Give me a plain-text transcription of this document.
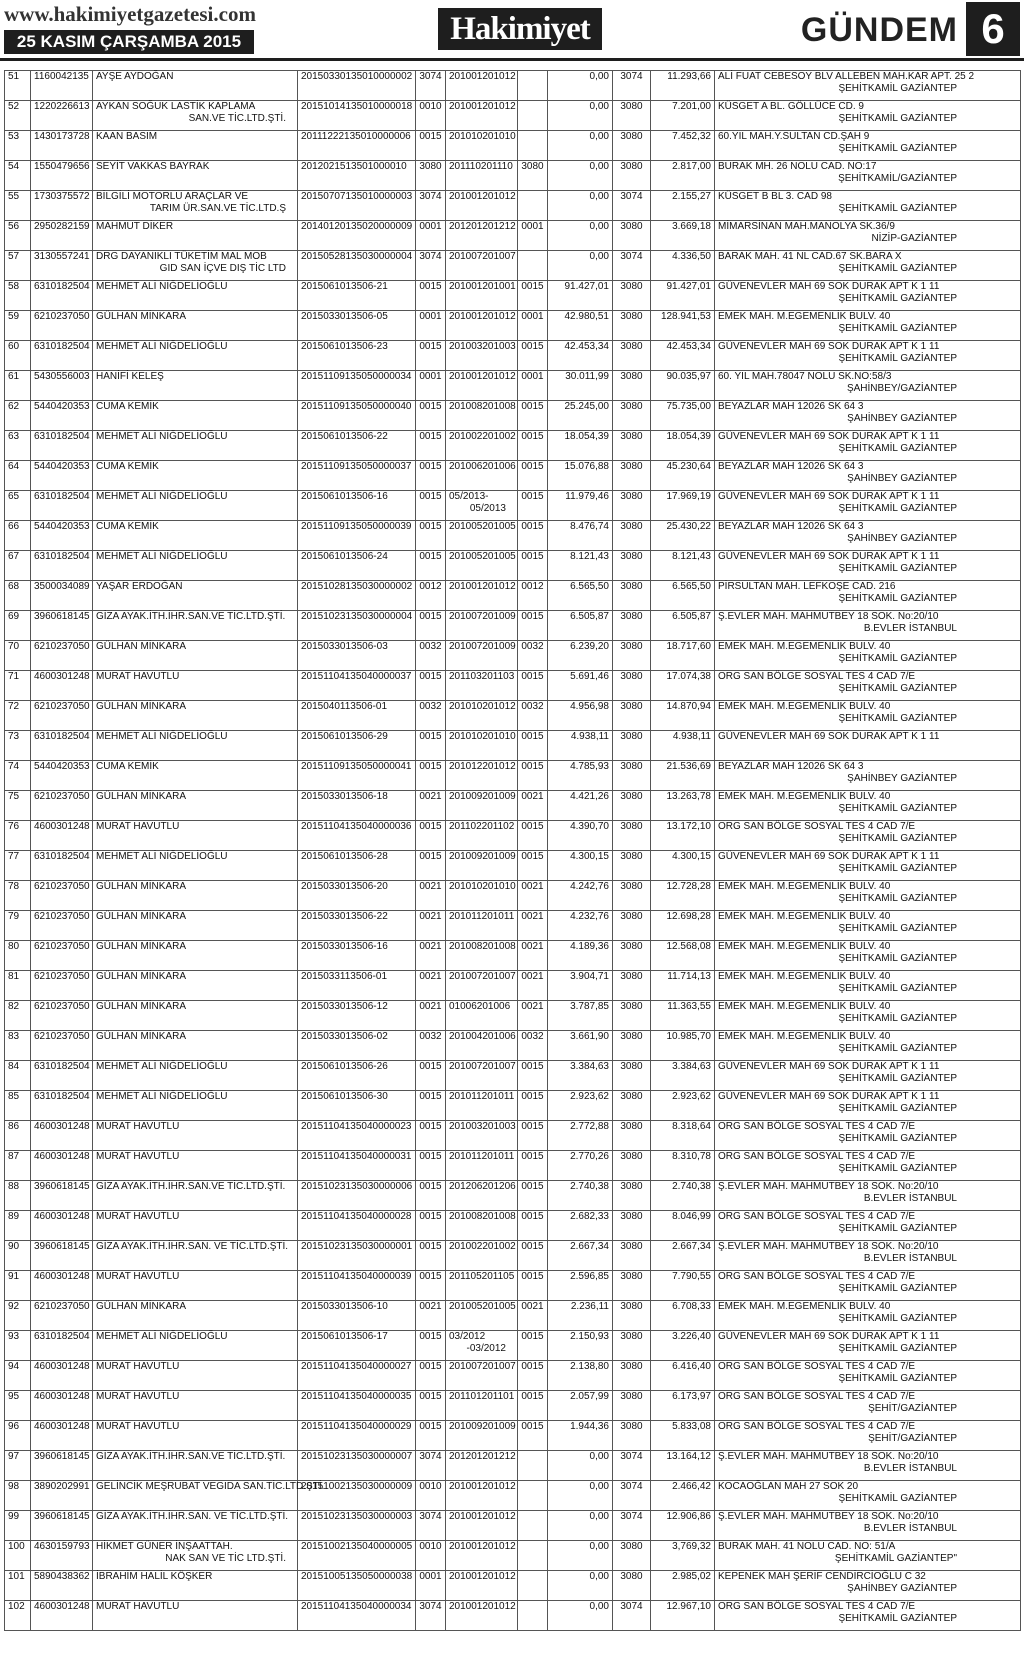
www.hakimiyetgazetesi.com
25 KASIM ÇARŞAMBA 2015	Hakimiyet	GÜNDEM 6
51	1160042135	AYŞE AYDOĞAN	20150330135010000002	3074	201001201012		0,00	3074	11.293,66	ALİ FUAT CEBESOY BLV ALLEBEN MAH.KAR APT. 25 2
ŞEHİTKAMİL GAZİANTEP

52	1220226613	AYKAN SOĞUK LASTİK KAPLAMA
SAN.VE TİC.LTD.ŞTİ.	20151014135010000018	0010	201001201012		0,00	3080	7.201,00	KÜSGET A BL. GÖLLÜCE CD. 9
ŞEHİTKAMİL GAZİANTEP

53	1430173728	KAAN BASIM	20111222135010000006	0015	201010201010		0,00	3080	7.452,32	60.YIL MAH.Y.SULTAN CD.ŞAH 9
ŞEHİTKAMİL GAZİANTEP

54	1550479656	SEYİT VAKKAS BAYRAK	2012021513501000010	3080	201110201110	3080	0,00	3080	2.817,00	BURAK MH. 26 NOLU CAD. NO:17
ŞEHİTKAMİL/GAZİANTEP

55	1730375572	BİLGİLİ MOTORLU ARAÇLAR VE
TARIM ÜR.SAN.VE TİC.LTD.Ş	20150707135010000003	3074	201001201012		0,00	3074	2.155,27	KÜSGET B BL 3. CAD 98
ŞEHİTKAMİL GAZİANTEP

56	2950282159	MAHMUT DİKER	20140120135020000009	0001	201201201212	0001	0,00	3080	3.669,18	MİMARSİNAN MAH.MANOLYA SK.36/9
NİZİP-GAZİANTEP

57	3130557241	DRG DAYANIKLI TÜKETİM MAL MOB
GID SAN İÇVE DIŞ TİC LTD	20150528135030000004	3074	201007201007		0,00	3074	4.336,50	BARAK MAH. 41 NL CAD.67 SK.BARA X
ŞEHİTKAMİL GAZİANTEP

58	6310182504	MEHMET ALİ NİĞDELİOĞLU	2015061013506-21	0015	201001201001	0015	91.427,01	3080	91.427,01	GÜVENEVLER MAH 69 SOK DURAK APT K 1 11
ŞEHİTKAMİL GAZİANTEP

59	6210237050	GÜLHAN MİNKARA	2015033013506-05	0001	201001201012	0001	42.980,51	3080	128.941,53	EMEK MAH. M.EGEMENLİK BULV. 40
ŞEHİTKAMİL GAZİANTEP

60	6310182504	MEHMET ALİ NİĞDELİOĞLU	2015061013506-23	0015	201003201003	0015	42.453,34	3080	42.453,34	GÜVENEVLER MAH 69 SOK DURAK APT K 1 11
ŞEHİTKAMİL GAZİANTEP

61	5430556003	HANİFİ KELEŞ	20151109135050000034	0001	201001201012	0001	30.011,99	3080	90.035,97	60. YIL MAH.78047 NOLU SK.NO:58/3
ŞAHİNBEY/GAZİANTEP

62	5440420353	CUMA KEMİK	20151109135050000040	0015	201008201008	0015	25.245,00	3080	75.735,00	BEYAZLAR MAH 12026 SK 64 3
ŞAHİNBEY GAZİANTEP

63	6310182504	MEHMET ALİ NİĞDELİOĞLU	2015061013506-22	0015	201002201002	0015	18.054,39	3080	18.054,39	GÜVENEVLER MAH 69 SOK DURAK APT K 1 11
ŞEHİTKAMİL GAZİANTEP

64	5440420353	CUMA KEMİK	20151109135050000037	0015	201006201006	0015	15.076,88	3080	45.230,64	BEYAZLAR MAH 12026 SK 64 3
ŞAHİNBEY GAZİANTEP

65	6310182504	MEHMET ALİ NİĞDELİOĞLU	2015061013506-16	0015	05/2013-
05/2013	0015	11.979,46	3080	17.969,19	GÜVENEVLER MAH 69 SOK DURAK APT K 1 11
ŞEHİTKAMİL GAZİANTEP

66	5440420353	CUMA KEMİK	20151109135050000039	0015	201005201005	0015	8.476,74	3080	25.430,22	BEYAZLAR MAH 12026 SK 64 3
ŞAHİNBEY GAZİANTEP

67	6310182504	MEHMET ALİ NİĞDELİOĞLU	2015061013506-24	0015	201005201005	0015	8.121,43	3080	8.121,43	GÜVENEVLER MAH 69 SOK DURAK APT K 1 11
ŞEHİTKAMİL GAZİANTEP

68	3500034089	YAŞAR ERDOĞAN	20151028135030000002	0012	201001201012	0012	6.565,50	3080	6.565,50	PİRSULTAN MAH. LEFKOŞE CAD. 216
ŞEHİTKAMİL GAZİANTEP

69	3960618145	GİZA AYAK.İTH.İHR.SAN.VE TİC.LTD.ŞTİ.	20151023135030000004	0015	201007201009	0015	6.505,87	3080	6.505,87	Ş.EVLER MAH. MAHMUTBEY 18 SOK. No:20/10
B.EVLER İSTANBUL

70	6210237050	GÜLHAN MİNKARA	2015033013506-03	0032	201007201009	0032	6.239,20	3080	18.717,60	EMEK MAH. M.EGEMENLİK BULV. 40
ŞEHİTKAMİL GAZİANTEP

71	4600301248	MURAT HAVUTLU	20151104135040000037	0015	201103201103	0015	5.691,46	3080	17.074,38	ORG SAN BÖLGE SOSYAL TES 4 CAD 7/E
ŞEHİTKAMİL GAZİANTEP

72	6210237050	GÜLHAN MİNKARA	2015040113506-01	0032	201010201012	0032	4.956,98	3080	14.870,94	EMEK MAH. M.EGEMENLİK BULV. 40
ŞEHİTKAMİL GAZİANTEP

73	6310182504	MEHMET ALİ NİĞDELİOĞLU	2015061013506-29	0015	201010201010	0015	4.938,11	3080	4.938,11	GÜVENEVLER MAH 69 SOK DURAK APT K 1 11
74	5440420353	CUMA KEMİK	20151109135050000041	0015	201012201012	0015	4.785,93	3080	21.536,69	BEYAZLAR MAH 12026 SK 64 3
ŞAHİNBEY GAZİANTEP

75	6210237050	GÜLHAN MİNKARA	2015033013506-18	0021	201009201009	0021	4.421,26	3080	13.263,78	EMEK MAH. M.EGEMENLİK BULV. 40
ŞEHİTKAMİL GAZİANTEP

76	4600301248	MURAT HAVUTLU	20151104135040000036	0015	201102201102	0015	4.390,70	3080	13.172,10	ORG SAN BÖLGE SOSYAL TES 4 CAD 7/E
ŞEHİTKAMİL GAZİANTEP

77	6310182504	MEHMET ALİ NİĞDELİOĞLU	2015061013506-28	0015	201009201009	0015	4.300,15	3080	4.300,15	GÜVENEVLER MAH 69 SOK DURAK APT K 1 11
ŞEHİTKAMİL GAZİANTEP

78	6210237050	GÜLHAN MİNKARA	2015033013506-20	0021	201010201010	0021	4.242,76	3080	12.728,28	EMEK MAH. M.EGEMENLİK BULV. 40
ŞEHİTKAMİL GAZİANTEP

79	6210237050	GÜLHAN MİNKARA	2015033013506-22	0021	201011201011	0021	4.232,76	3080	12.698,28	EMEK MAH. M.EGEMENLİK BULV. 40
ŞEHİTKAMİL GAZİANTEP

80	6210237050	GÜLHAN MİNKARA	2015033013506-16	0021	201008201008	0021	4.189,36	3080	12.568,08	EMEK MAH. M.EGEMENLİK BULV. 40
ŞEHİTKAMİL GAZİANTEP

81	6210237050	GÜLHAN MİNKARA	2015033113506-01	0021	201007201007	0021	3.904,71	3080	11.714,13	EMEK MAH. M.EGEMENLİK BULV. 40
ŞEHİTKAMİL GAZİANTEP

82	6210237050	GÜLHAN MİNKARA	2015033013506-12	0021	01006201006	0021	3.787,85	3080	11.363,55	EMEK MAH. M.EGEMENLİK BULV. 40
ŞEHİTKAMİL GAZİANTEP

83	6210237050	GÜLHAN MİNKARA	2015033013506-02	0032	201004201006	0032	3.661,90	3080	10.985,70	EMEK MAH. M.EGEMENLİK BULV. 40
ŞEHİTKAMİL GAZİANTEP

84	6310182504	MEHMET ALİ NİĞDELİOĞLU	2015061013506-26	0015	201007201007	0015	3.384,63	3080	3.384,63	GÜVENEVLER MAH 69 SOK DURAK APT K 1 11
ŞEHİTKAMİL GAZİANTEP

85	6310182504	MEHMET ALİ NİĞDELİOĞLU	2015061013506-30	0015	201011201011	0015	2.923,62	3080	2.923,62	GÜVENEVLER MAH 69 SOK DURAK APT K 1 11
ŞEHİTKAMİL GAZİANTEP

86	4600301248	MURAT HAVUTLU	20151104135040000023	0015	201003201003	0015	2.772,88	3080	8.318,64	ORG SAN BÖLGE SOSYAL TES 4 CAD 7/E
ŞEHİTKAMİL GAZİANTEP

87	4600301248	MURAT HAVUTLU	20151104135040000031	0015	201011201011	0015	2.770,26	3080	8.310,78	ORG SAN BÖLGE SOSYAL TES 4 CAD 7/E
ŞEHİTKAMİL GAZİANTEP

88	3960618145	GİZA AYAK.İTH.İHR.SAN.VE TİC.LTD.ŞTİ.	20151023135030000006	0015	201206201206	0015	2.740,38	3080	2.740,38	Ş.EVLER MAH. MAHMUTBEY 18 SOK. No:20/10
B.EVLER İSTANBUL

89	4600301248	MURAT HAVUTLU	20151104135040000028	0015	201008201008	0015	2.682,33	3080	8.046,99	ORG SAN BÖLGE SOSYAL TES 4 CAD 7/E
ŞEHİTKAMİL GAZİANTEP

90	3960618145	GİZA AYAK.İTH.İHR.SAN. VE TİC.LTD.ŞTİ.	20151023135030000001	0015	201002201002	0015	2.667,34	3080	2.667,34	Ş.EVLER MAH. MAHMUTBEY 18 SOK. No:20/10
B.EVLER İSTANBUL

91	4600301248	MURAT HAVUTLU	20151104135040000039	0015	201105201105	0015	2.596,85	3080	7.790,55	ORG SAN BÖLGE SOSYAL TES 4 CAD 7/E
ŞEHİTKAMİL GAZİANTEP

92	6210237050	GÜLHAN MİNKARA	2015033013506-10	0021	201005201005	0021	2.236,11	3080	6.708,33	EMEK MAH. M.EGEMENLİK BULV. 40
ŞEHİTKAMİL GAZİANTEP

93	6310182504	MEHMET ALİ NİĞDELİOĞLU	2015061013506-17	0015	03/2012
-03/2012	0015	2.150,93	3080	3.226,40	GÜVENEVLER MAH 69 SOK DURAK APT K 1 11
ŞEHİTKAMİL GAZİANTEP

94	4600301248	MURAT HAVUTLU	20151104135040000027	0015	201007201007	0015	2.138,80	3080	6.416,40	ORG SAN BÖLGE SOSYAL TES 4 CAD 7/E
ŞEHİTKAMİL GAZİANTEP

95	4600301248	MURAT HAVUTLU	20151104135040000035	0015	201101201101	0015	2.057,99	3080	6.173,97	ORG SAN BÖLGE SOSYAL TES 4 CAD 7/E
ŞEHİT/GAZİANTEP

96	4600301248	MURAT HAVUTLU	20151104135040000029	0015	201009201009	0015	1.944,36	3080	5.833,08	ORG SAN BÖLGE SOSYAL TES 4 CAD 7/E
ŞEHİT/GAZİANTEP

97	3960618145	GİZA AYAK.İTH.İHR.SAN.VE TİC.LTD.ŞTİ.	20151023135030000007	3074	201201201212		0,00	3074	13.164,12	Ş.EVLER MAH. MAHMUTBEY 18 SOK. No:20/10
B.EVLER İSTANBUL

98	3890202991	GELİNCİK MEŞRUBAT VEGIDA SAN.TİC.LTD.ŞTİ.	20151002135030000009	0010	201001201012		0,00	3074	2.466,42	KOCAOĞLAN MAH 27 SOK 20
ŞEHİTKAMİL GAZİANTEP

99	3960618145	GİZA AYAK.İTH.İHR.SAN. VE TİC.LTD.ŞTİ.	20151023135030000003	3074	201001201012		0,00	3074	12.906,86	Ş.EVLER MAH. MAHMUTBEY 18 SOK. No:20/10
B.EVLER İSTANBUL

100	4630159793	HİKMET GÜNER İNŞAATTAH.
NAK SAN VE TİC LTD.ŞTİ.	20151002135040000005	0010	201001201012		0,00	3080	3,769,32	BURAK MAH. 41 NOLU CAD. NO: 51/A
ŞEHİTKAMİL GAZİANTEP"

101	5890438362	İBRAHİM HALİL KÖŞKER	20151005135050000038	0001	201001201012		0,00	3080	2.985,02	KEPENEK MAH ŞERİF CENDİRCİOĞLU C 32
ŞAHİNBEY GAZİANTEP

102	4600301248	MURAT HAVUTLU	20151104135040000034	3074	201001201012		0,00	3074	12.967,10	ORG SAN BÖLGE SOSYAL TES 4 CAD 7/E
ŞEHİTKAMİL GAZİANTEP
